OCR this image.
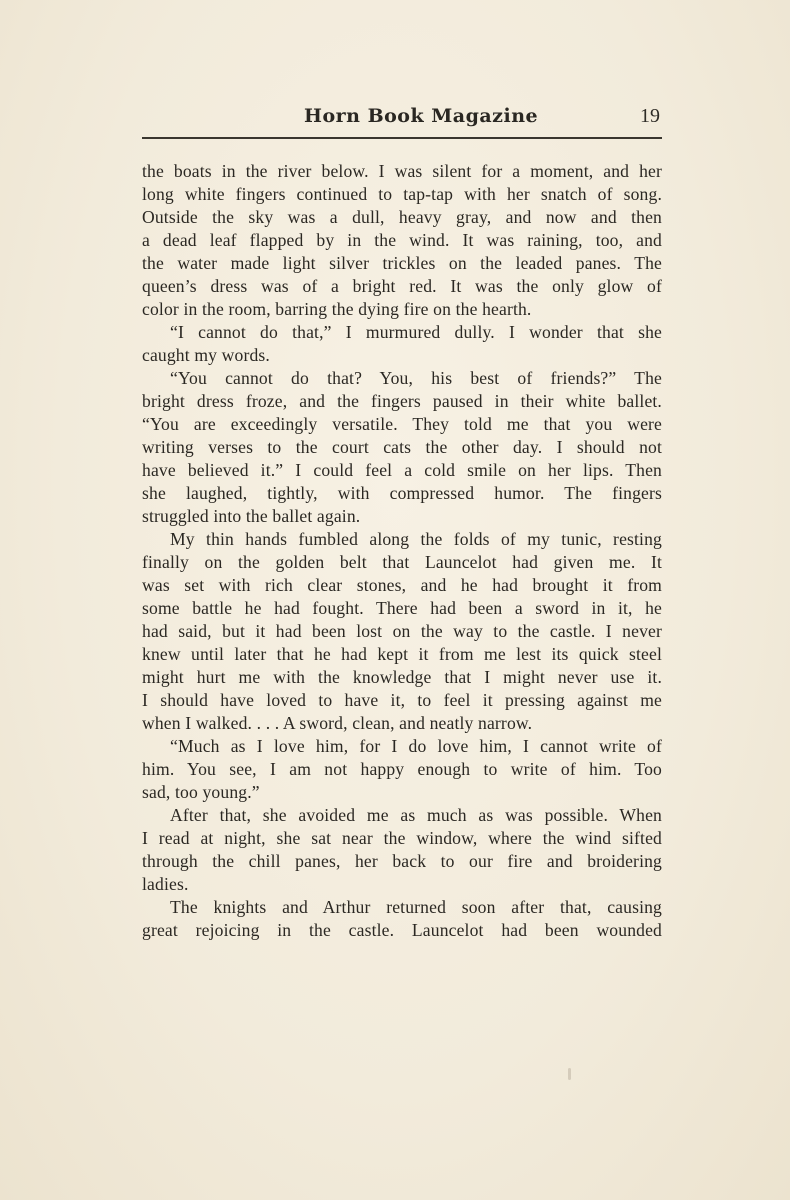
Horn Book Magazine	19
the boats in the river below. I was silent for a moment, and her
long white fingers continued to tap-tap with her snatch of song.
Outside the sky was a dull, heavy gray, and now and then
a dead leaf flapped by in the wind. It was raining, too, and
the water made light silver trickles on the leaded panes. The
queen’s dress was of a bright red. It was the only glow of
color in the room, barring the dying fire on the hearth.
“I cannot do that,” I murmured dully. I wonder that she
caught my words.
“You cannot do that? You, his best of friends?” The
bright dress froze, and the fingers paused in their white ballet.
“You are exceedingly versatile. They told me that you were
writing verses to the court cats the other day. I should not
have believed it.” I could feel a cold smile on her lips. Then
she laughed, tightly, with compressed humor. The fingers
struggled into the ballet again.
My thin hands fumbled along the folds of my tunic, resting
finally on the golden belt that Launcelot had given me. It
was set with rich clear stones, and he had brought it from
some battle he had fought. There had been a sword in it, he
had said, but it had been lost on the way to the castle. I never
knew until later that he had kept it from me lest its quick steel
might hurt me with the knowledge that I might never use it.
I should have loved to have it, to feel it pressing against me
when I walked. . . . A sword, clean, and neatly narrow.
“Much as I love him, for I do love him, I cannot write of
him. You see, I am not happy enough to write of him. Too
sad, too young.”
After that, she avoided me as much as was possible. When
I read at night, she sat near the window, where the wind sifted
through the chill panes, her back to our fire and broidering
ladies.
The knights and Arthur returned soon after that, causing
great rejoicing in the castle. Launcelot had been wounded
